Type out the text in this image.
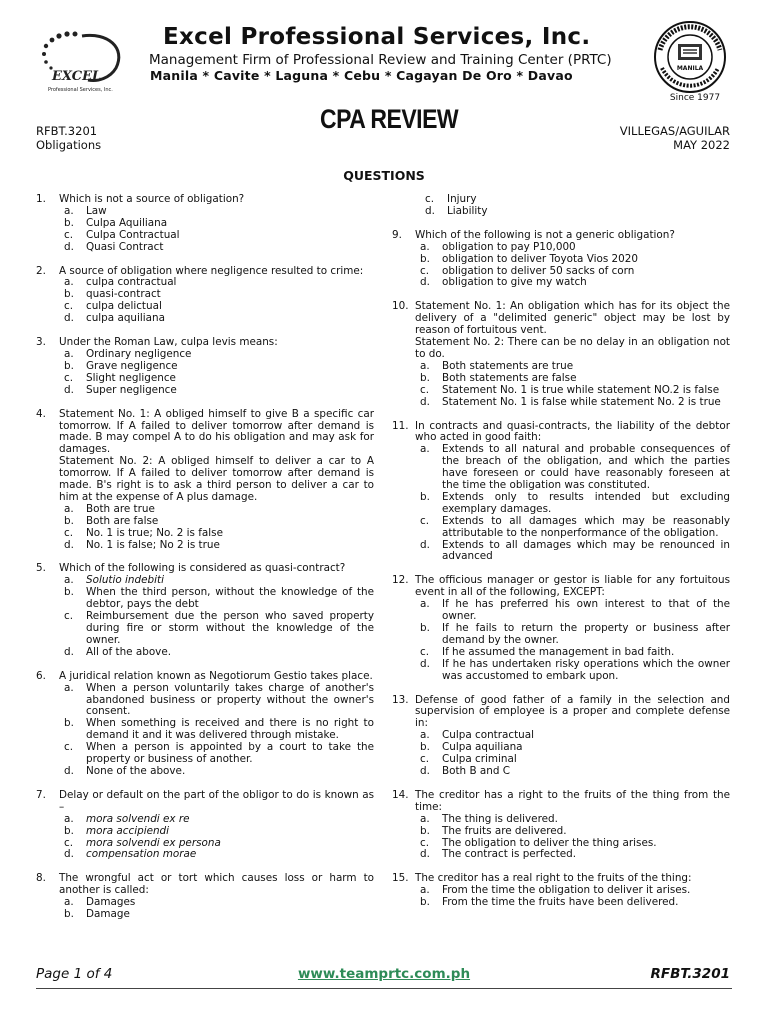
EXCEL
Professional Services, Inc.
Excel Professional Services, Inc.
Management Firm of Professional Review and Training Center (PRTC)
Manila * Cavite * Laguna * Cebu * Cagayan De Oro * Davao	MANILA
Since 1977
CPA REVIEW
RFBT.3201
Obligations
VILLEGAS/AGUILAR
MAY 2022
QUESTIONS
1.	Which is not a source of obligation?
a.	Law
b.	Culpa Aquiliana
c.	Culpa Contractual
d.	Quasi Contract
2.	A source of obligation where negligence resulted to crime:
a.	culpa contractual
b.	quasi-contract
c.	culpa delictual
d.	culpa aquiliana
3.	Under the Roman Law, culpa levis means:
a.	Ordinary negligence
b.	Grave negligence
c.	Slight negligence
d.	Super negligence
4.	Statement No. 1: A obliged himself to give B a specific car tomorrow. If A failed to deliver tomorrow after demand is made. B may compel A to do his obligation and may ask for damages.
Statement No. 2: A obliged himself to deliver a car to A tomorrow. If A failed to deliver tomorrow after demand is made. B's right is to ask a third person to deliver a car to him at the expense of A plus damage.
a.	Both are true
b.	Both are false
c.	No. 1 is true; No. 2 is false
d.	No. 1 is false; No 2 is true
5.	Which of the following is considered as quasi-contract?
a.	Solutio indebiti
b.	When the third person, without the knowledge of the debtor, pays the debt
c.	Reimbursement due the person who saved property during fire or storm without the knowledge of the owner.
d.	All of the above.
6.	A juridical relation known as Negotiorum Gestio takes place.
a.	When a person voluntarily takes charge of another's abandoned business or property without the owner's consent.
b.	When something is received and there is no right to demand it and it was delivered through mistake.
c.	When a person is appointed by a court to take the property or business of another.
d.	None of the above.
7.	Delay or default on the part of the obligor to do is known as –
a.	mora solvendi ex re
b.	mora accipiendi
c.	mora solvendi ex persona
d.	compensation morae
8.	The wrongful act or tort which causes loss or harm to another is called:
a.	Damages
b.	Damage
c.	Injury
d.	Liability
9.	Which of the following is not a generic obligation?
a.	obligation to pay P10,000
b.	obligation to deliver Toyota Vios 2020
c.	obligation to deliver 50 sacks of corn
d.	obligation to give my watch
10. Statement No. 1: An obligation which has for its object the delivery of a "delimited generic" object may be lost by reason of fortuitous vent.
Statement No. 2: There can be no delay in an obligation not to do.
a.	Both statements are true
b.	Both statements are false
c.	Statement No. 1 is true while statement NO.2 is false
d.	Statement No. 1 is false while statement No. 2 is true
11. In contracts and quasi-contracts, the liability of the debtor who acted in good faith:
a.	Extends to all natural and probable consequences of the breach of the obligation, and which the parties have foreseen or could have reasonably foreseen at the time the obligation was constituted.
b.	Extends only to results intended but excluding exemplary damages.
c.	Extends to all damages which may be reasonably attributable to the nonperformance of the obligation.
d.	Extends to all damages which may be renounced in advanced
12. The officious manager or gestor is liable for any fortuitous event in all of the following, EXCEPT:
a.	If he has preferred his own interest to that of the owner.
b.	If he fails to return the property or business after demand by the owner.
c.	If he assumed the management in bad faith.
d.	If he has undertaken risky operations which the owner was accustomed to embark upon.
13. Defense of good father of a family in the selection and supervision of employee is a proper and complete defense in:
a.	Culpa contractual
b.	Culpa aquiliana
c.	Culpa criminal
d.	Both B and C
14. The creditor has a right to the fruits of the thing from the time:
a.	The thing is delivered.
b.	The fruits are delivered.
c.	The obligation to deliver the thing arises.
d.	The contract is perfected.
15. The creditor has a real right to the fruits of the thing:
a.	From the time the obligation to deliver it arises.
b.	From the time the fruits have been delivered.
Page 1 of 4	www.teamprtc.com.ph	RFBT.3201
